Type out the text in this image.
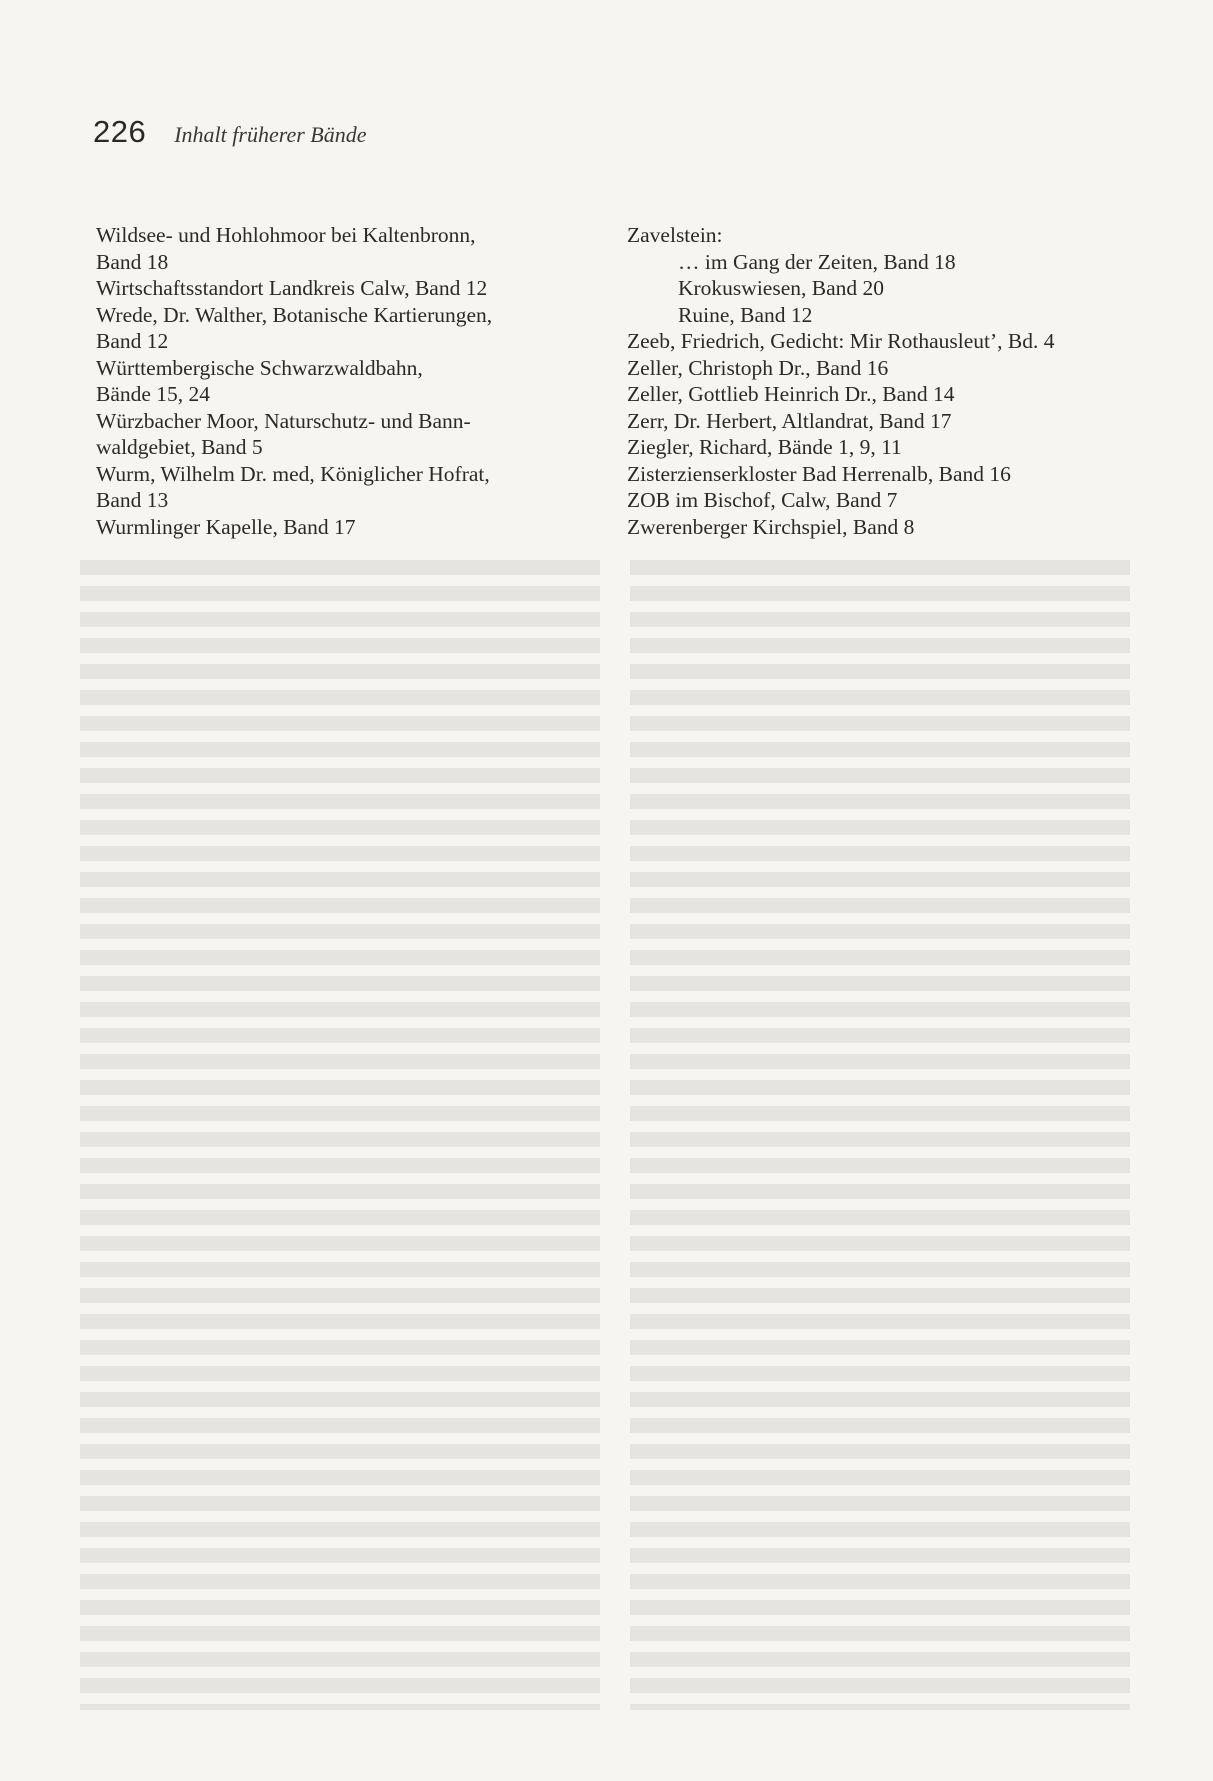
226 Inhalt früherer Bände

Wildsee- und Hohlohmoor bei Kaltenbronn,
Band 18

Wirtschaftsstandort Landkreis Calw, Band 12

Wrede, Dr. Walther, Botanische Kartierungen,
Band 12

Württembergische Schwarzwaldbahn,
Bände 15, 24

Würzbacher Moor, Naturschutz- und Bann-
waldgebiet, Band 5

Wurm, Wilhelm Dr. med, Königlicher Hofrat,
Band 13

Wurmlinger Kapelle, Band 17

Zavelstein:

… im Gang der Zeiten, Band 18

Krokuswiesen, Band 20

Ruine, Band 12

Zeeb, Friedrich, Gedicht: Mir Rothausleut’, Bd. 4

Zeller, Christoph Dr., Band 16

Zeller, Gottlieb Heinrich Dr., Band 14

Zerr, Dr. Herbert, Altlandrat, Band 17

Ziegler, Richard, Bände 1, 9, 11

Zisterzienserkloster Bad Herrenalb, Band 16

ZOB im Bischof, Calw, Band 7

Zwerenberger Kirchspiel, Band 8
